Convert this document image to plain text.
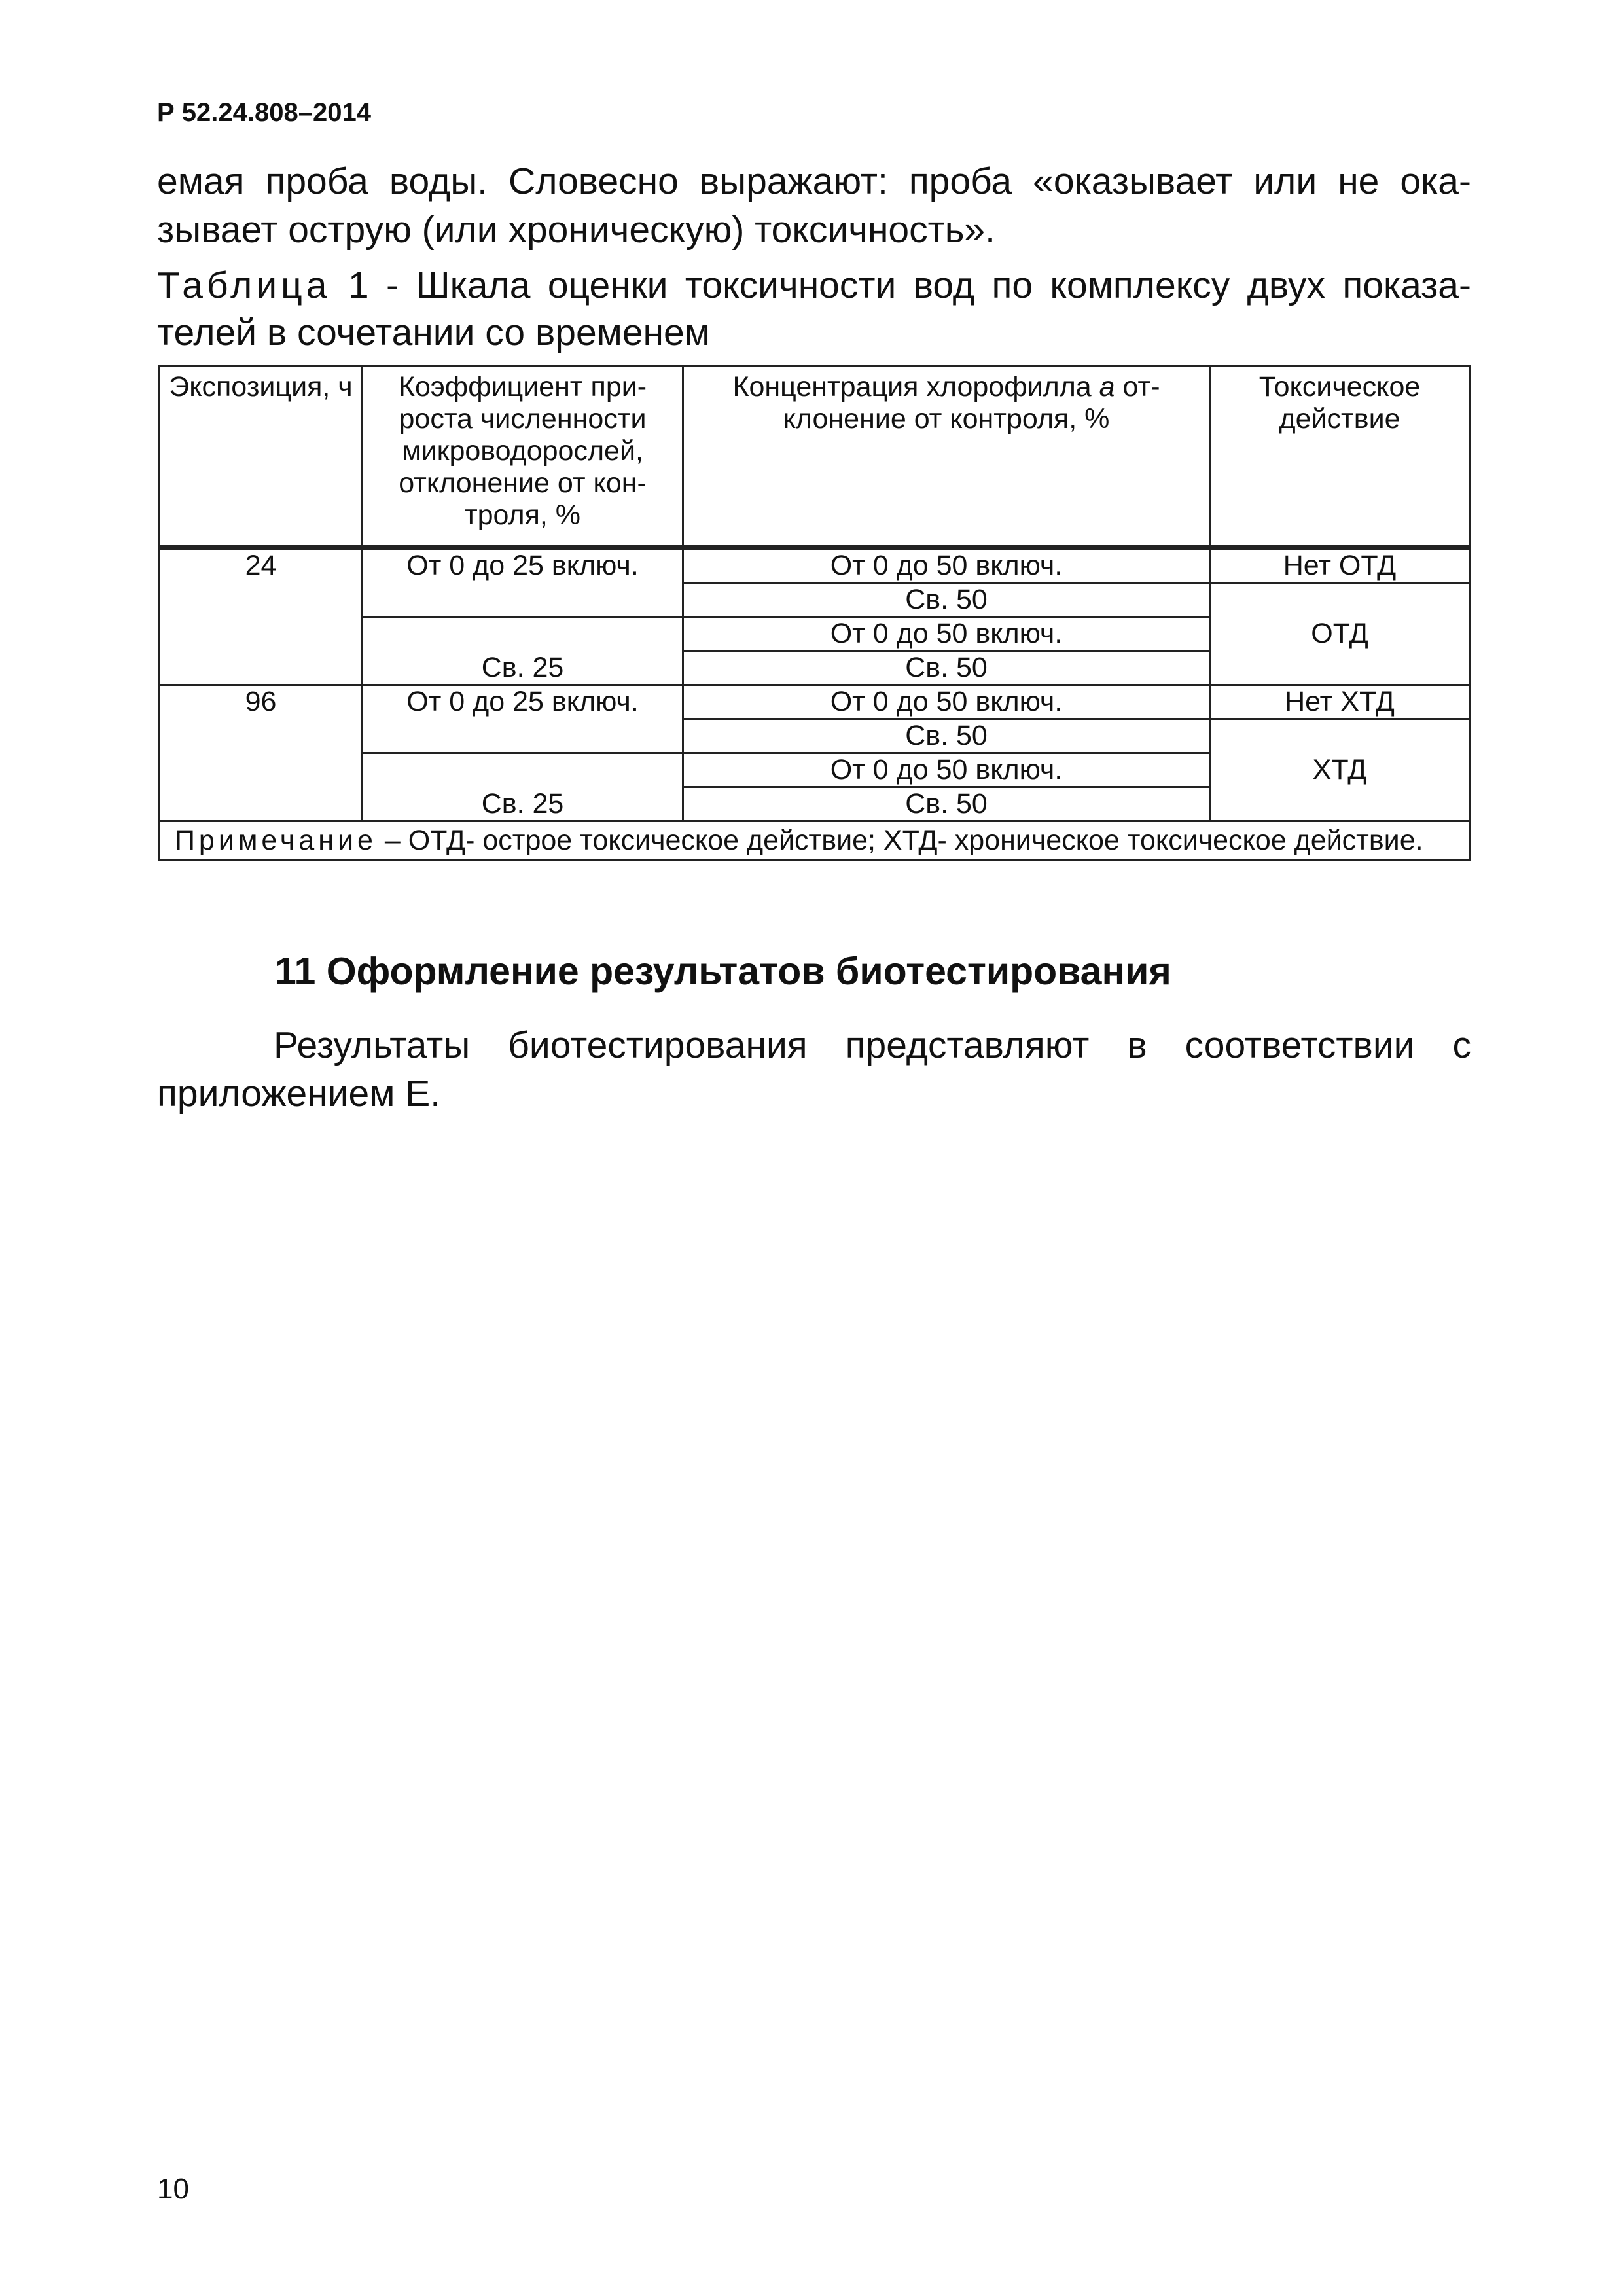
Р 52.24.808–2014
емая проба воды. Словесно выражают: проба «оказывает или не ока-
зывает острую (или хроническую) токсичность».
Таблица 1 - Шкала оценки токсичности вод по комплексу двух показа-
телей в сочетании со временем
Экспозиция, ч	Коэффициент при-роста численности микроводорослей, отклонение от кон-троля, %	Концентрация хлорофилла а от-клонение от контроля, %	Токсическое действие
24	От 0 до 25 включ.	От 0 до 50 включ.	Нет ОТД
		Св. 50	ОТД
	Св. 25	От 0 до 50 включ.	
		Св. 50	
96	От 0 до 25 включ.	От 0 до 50 включ.	Нет ХТД
		Св. 50	ХТД
	Св. 25	От 0 до 50 включ.	
		Св. 50	
Примечание – ОТД- острое токсическое действие; ХТД- хроническое токсическое действие.			
11 Оформление результатов биотестирования
Результаты биотестирования представляют в соответствии с
приложением Е.
10
